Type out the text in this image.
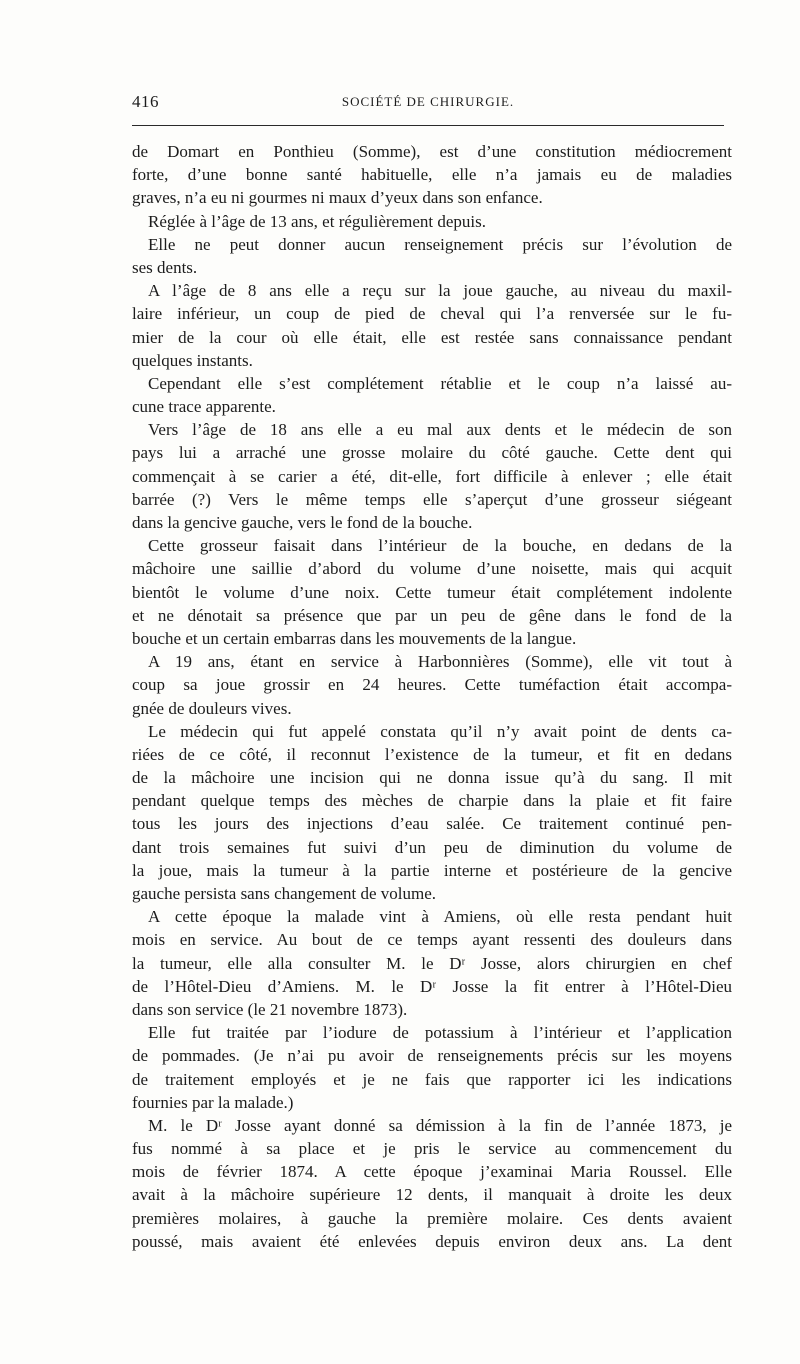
416	SOCIÉTÉ DE CHIRURGIE.
de Domart en Ponthieu (Somme), est d’une constitution médiocrement
forte, d’une bonne santé habituelle, elle n’a jamais eu de maladies
graves, n’a eu ni gourmes ni maux d’yeux dans son enfance.
Réglée à l’âge de 13 ans, et régulièrement depuis.
Elle ne peut donner aucun renseignement précis sur l’évolution de
ses dents.
A l’âge de 8 ans elle a reçu sur la joue gauche, au niveau du maxil-
laire inférieur, un coup de pied de cheval qui l’a renversée sur le fu-
mier de la cour où elle était, elle est restée sans connaissance pendant
quelques instants.
Cependant elle s’est complétement rétablie et le coup n’a laissé au-
cune trace apparente.
Vers l’âge de 18 ans elle a eu mal aux dents et le médecin de son
pays lui a arraché une grosse molaire du côté gauche. Cette dent qui
commençait à se carier a été, dit-elle, fort difficile à enlever ; elle était
barrée (?) Vers le même temps elle s’aperçut d’une grosseur siégeant
dans la gencive gauche, vers le fond de la bouche.
Cette grosseur faisait dans l’intérieur de la bouche, en dedans de la
mâchoire une saillie d’abord du volume d’une noisette, mais qui acquit
bientôt le volume d’une noix. Cette tumeur était complétement indolente
et ne dénotait sa présence que par un peu de gêne dans le fond de la
bouche et un certain embarras dans les mouvements de la langue.
A 19 ans, étant en service à Harbonnières (Somme), elle vit tout à
coup sa joue grossir en 24 heures. Cette tuméfaction était accompa-
gnée de douleurs vives.
Le médecin qui fut appelé constata qu’il n’y avait point de dents ca-
riées de ce côté, il reconnut l’existence de la tumeur, et fit en dedans
de la mâchoire une incision qui ne donna issue qu’à du sang. Il mit
pendant quelque temps des mèches de charpie dans la plaie et fit faire
tous les jours des injections d’eau salée. Ce traitement continué pen-
dant trois semaines fut suivi d’un peu de diminution du volume de
la joue, mais la tumeur à la partie interne et postérieure de la gencive
gauche persista sans changement de volume.
A cette époque la malade vint à Amiens, où elle resta pendant huit
mois en service. Au bout de ce temps ayant ressenti des douleurs dans
la tumeur, elle alla consulter M. le Dʳ Josse, alors chirurgien en chef
de l’Hôtel-Dieu d’Amiens. M. le Dʳ Josse la fit entrer à l’Hôtel-Dieu
dans son service (le 21 novembre 1873).
Elle fut traitée par l’iodure de potassium à l’intérieur et l’application
de pommades. (Je n’ai pu avoir de renseignements précis sur les moyens
de traitement employés et je ne fais que rapporter ici les indications
fournies par la malade.)
M. le Dʳ Josse ayant donné sa démission à la fin de l’année 1873, je
fus nommé à sa place et je pris le service au commencement du
mois de février 1874. A cette époque j’examinai Maria Roussel. Elle
avait à la mâchoire supérieure 12 dents, il manquait à droite les deux
premières molaires, à gauche la première molaire. Ces dents avaient
poussé, mais avaient été enlevées depuis environ deux ans. La dent
